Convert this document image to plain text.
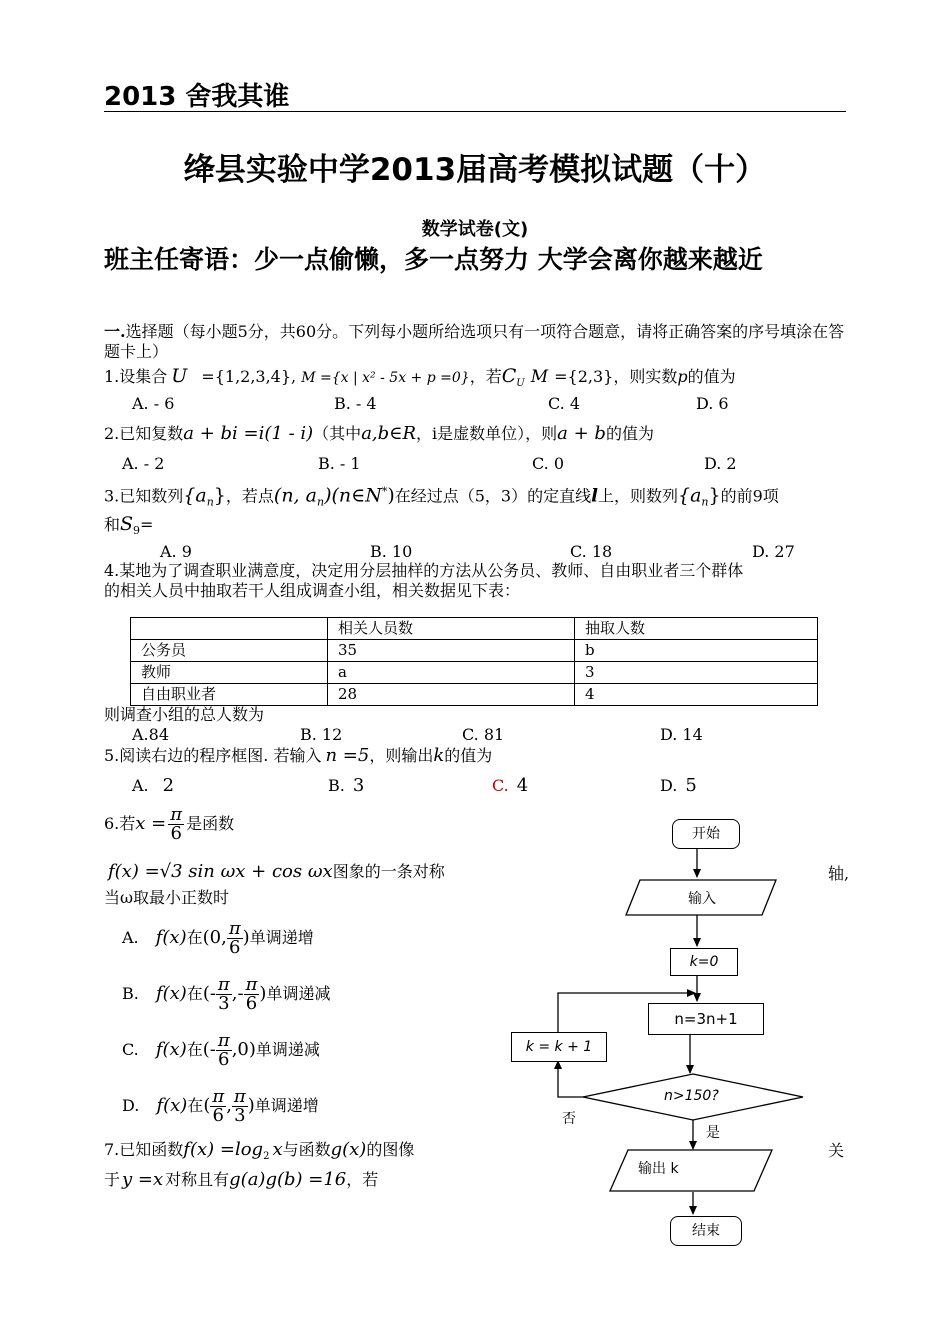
2013 舍我其谁
绛县实验中学2013届高考模拟试题（十）
数学试卷(文)
班主任寄语：少一点偷懒，多一点努力 大学会离你越来越近
一.选择题（每小题5分，共60分。下列每小题所给选项只有一项符合题意，请将正确答案的序号填涂在答题卡上）
1.设集合 U ={1,2,3,4}, M ={x | x² - 5x + p =0}，若$C_U$ M ={2,3}，则实数p的值为
A. - 6	B. - 4	C. 4	D. 6
2.已知复数a + bi =i(1 - i)（其中a,b∈R，i是虚数单位），则a + b的值为
A. - 2	B. - 1	C. 0	D. 2
3.已知数列$\{a_n\}$，若点(n, $a_n)(n\in N^*)$在经过点（5，3）的定直线l上，则数列$\{a_n\}$的前9项
和$S_9=$
A. 9	B. 10	C. 18	D. 27
4.某地为了调查职业满意度，决定用分层抽样的方法从公务员、教师、自由职业者三个群体
的相关人员中抽取若干人组成调查小组，相关数据见下表：
	相关人员数	抽取人数
公务员	35	b
教师	a	3
自由职业者	28	4
则调查小组的总人数为
A.84	B. 12	C. 81	D. 14
5.阅读右边的程序框图. 若输入 n =5，则输出k的值为
A. 2	B. 3	C. 4	D. 5
6.若$x = \frac{\pi}{6}$ 是函数
f(x) =√3 sin ωx + cos ωx图象的一条对称	轴,
当ω取最小正数时
A. f(x)在(0, $\frac{\pi}{6}$ )单调递增
B. f(x)在(- $\frac{\pi}{3}$ ,- $\frac{\pi}{6}$ )单调递减
C. f(x)在(- $\frac{\pi}{6} ,0$)单调递减
D. f(x)在( $\frac{\pi}{6}$ , $\frac{\pi}{3}$ )单调递增
7.已知函数$f(x) =\log_2$ x与函数g(x)的图像	关
于 y =x 对称且有g(a)g(b) =16，若
开始
输入
k=0
n=3n+1
k = k + 1
n>150?
否
是
输出 k
结束
